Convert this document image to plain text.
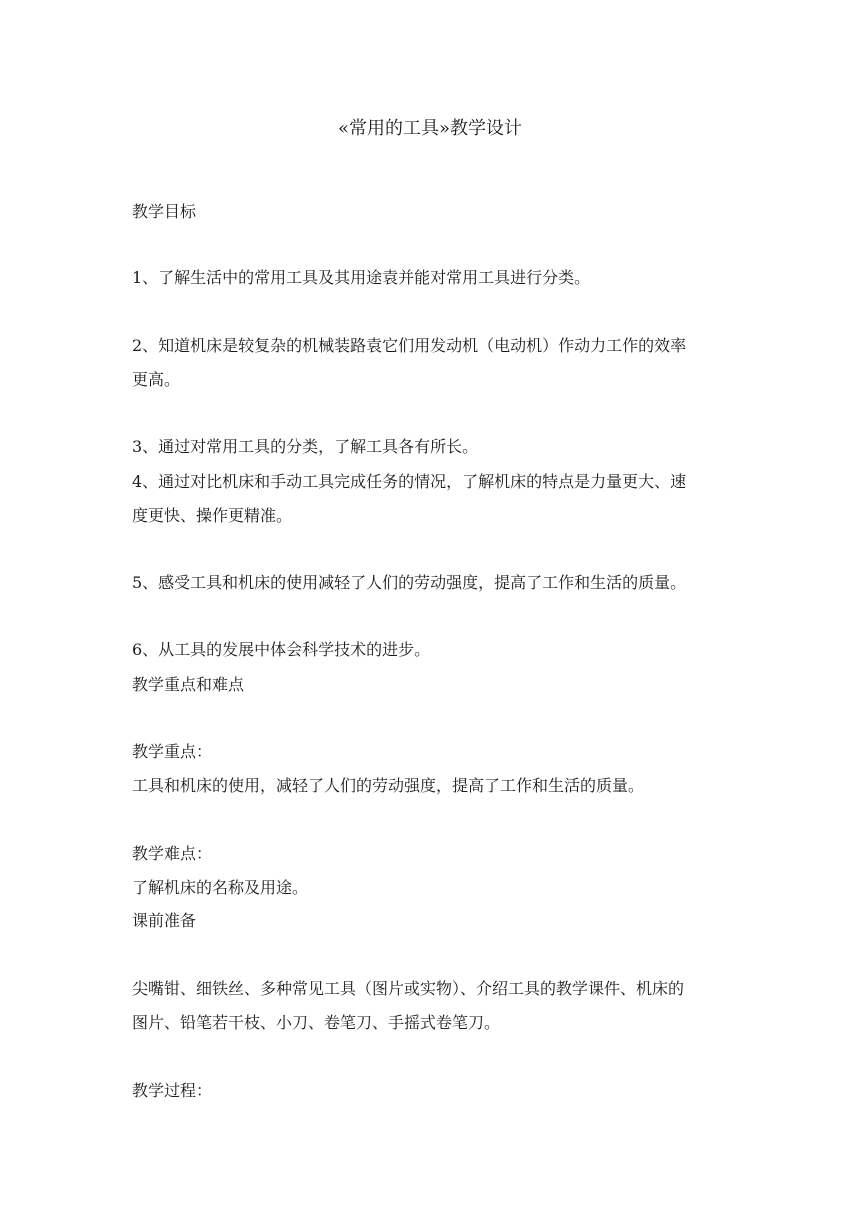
«常用的工具»教学设计
教学目标
1、了解生活中的常用工具及其用途袁并能对常用工具进行分类。
2、知道机床是较复杂的机械装路袁它们用发动机（电动机）作动力工作的效率
更高。
3、通过对常用工具的分类，了解工具各有所长。
4、通过对比机床和手动工具完成任务的情况，了解机床的特点是力量更大、速
度更快、操作更精准。
5、感受工具和机床的使用减轻了人们的劳动强度，提高了工作和生活的质量。
6、从工具的发展中体会科学技术的进步。
教学重点和难点
教学重点：
工具和机床的使用，减轻了人们的劳动强度，提高了工作和生活的质量。
教学难点：
了解机床的名称及用途。
课前准备
尖嘴钳、细铁丝、多种常见工具（图片或实物）、介绍工具的教学课件、机床的
图片、铅笔若干枝、小刀、卷笔刀、手摇式卷笔刀。
教学过程：
